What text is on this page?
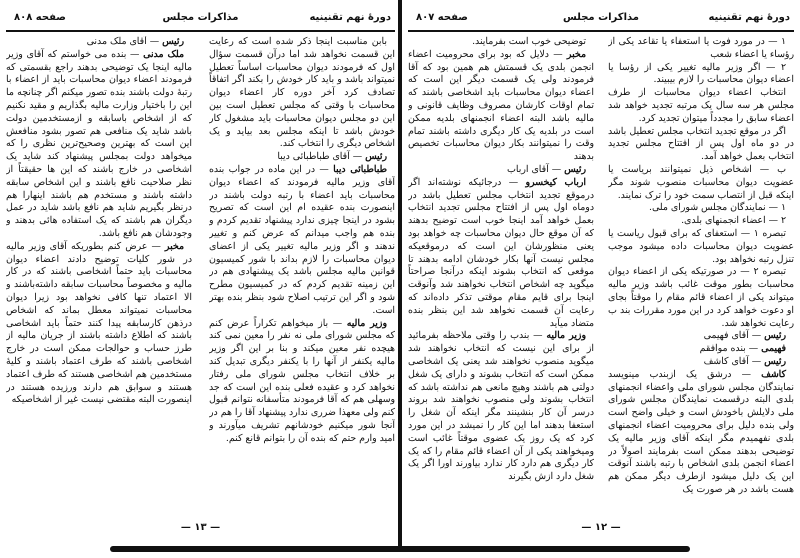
دورهٔ نهم تقنینیه
مذاکرات مجلس
صفحه ۸۰۸

بابن مناسبت اینجا ذکر شده است که رعایت این قسمت نخواهد شد اما درآن قسمت سؤال اول که فرمودند دیوان محاسبات اساساً تعطیل نمیتواند باشد و باید کار خودش را بکند اگر اتفاقاً تصادف کرد آخر دوره کار اعضاء دیوان محاسبات با وقتی که مجلس تعطیل است بین این دو مجلس دیوان محاسبات باید مشغول کار خودش باشد تا اینکه مجلس بعد بیاید و یک اشخاص دیگری را انتخاب کند.

رئیس — آقای طباطبائی دیبا

طباطبائی دیبا — در این ماده در جواب بنده آقای وزیر مالیه فرمودند که اعضاء دیوان محاسبات باید اعضاء با رتبه دولت باشند در اینصورت بنده عقیده ام این است که تصریح بشود در اینجا چیزی ندارد پیشنهاد تقدیم کردم و بنده هم واجب میدانم که عرض کنم و تغییر ندهند و اگر وزیر مالیه تغییر یکی از اعضای دیوان محاسبات را لازم بداند با شور کمیسیون قوانین مالیه مجلس باشد یک پیشنهادی هم در این زمینه تقدیم کردم که در کمیسیون مطرح شود و اگر این ترتیب اصلاح شود بنظر بنده بهتر است.

وزیر مالیه — باز میخواهم تکراراً عرض کنم که مجلس شورای ملی نه نفر را معین نمی کند هیچده نفر معین میکند و بنا بر این اگر وزیر مالیه یکنفر از آنها را با یکنفر دیگری تبدیل کند بر خلاف انتخاب مجلس شورای ملی رفتار نخواهد کرد و عقیده فعلی بنده این است که جد وسهلی هم که آقا فرمودند متأسفانه نتوانم قبول کنم ولی معهذا ضرری ندارد پیشنهاد آقا را هم در آنجا شور میکنیم خودشانهم تشریف میآورند و امید وارم حتم که بنده آن را بتوانم قانع کنم.

رئیس — آقای ملک مدنی

ملک مدنی — بنده می خواستم که آقای وزیر مالیه اینجا یک توضیحی بدهند راجع بقسمتی که فرمودند اعضاء دیوان محاسبات باید از اعضاء با رتبهٔ دولت باشند بنده تصور میکنم اگر چنانچه ما این را باختیار وزارت مالیه بگذاریم و مقید نکنیم که از اشخاص باسابقه و ازمستخدمین دولت باشد شاید یک منافعی هم تصور بشود منافعش این است که بهترین وصحیح‌ترین نظری را که میخواهد دولت بمجلس پیشنهاد کند شاید یک اشخاصی در خارج باشند که این ها حقیقتاً از نظر صلاحیت نافع باشند و این اشخاص سابقه داشته باشند و مستخدم هم باشند اینهارا هم درنظر بگیریم شاید هم نافع باشد شاید در عمل دیگران هم باشند که یک استفاده هائی بدهند و وجودشان هم نافع باشد.

مخبر — عرض کنم بطوریکه آقای وزیر مالیه در شور کلیات توضیح دادند اعضاء دیوان محاسبات باید حتماً اشخاصی باشند که در کار مالیه و مخصوصاً محاسبات سابقه داشته‌باشند و الا اعتماد تنها کافی نخواهد بود زیرا دیوان محاسبات نمیتواند معطل بماند که اشخاص درذهن کارسابقه پیدا کنند حتماً باید اشخاصی باشند که اطلاع داشته باشند از جریان مالیه از طرز حساب و حوالجات ممکن است در خارج اشخاصی باشند که طرف اعتماد باشند و کلیهٔ مستخدمین هم اشخاصی هستند که طرف اعتماد هستند و سوابق هم دارند ورزیده هستند در اینصورت البته مقتضی نیست غیر از اشخاصیکه

— ۱۳ —
دورهٔ نهم تقنینیه
مذاکرات مجلس
صفحه ۸۰۷

۱ — در مورد فوت یا استعفاء یا تقاعد یکی از رؤساء یا اعضاء شعب

۲ — اگر وزیر مالیه تغییر یکی از رؤسا یا اعضاء دیوان محاسبات را لازم بیبیند.

انتخاب اعضاء دیوان محاسبات از طرف مجلس هر سه سال یک مرتبه تجدید خواهد شد اعضاء سابق را مجدداً میتوان تجدید کرد.

اگر در موقع تجدید انتخاب مجلس تعطیل باشد در دو ماه اول پس از افتتاح مجلس تجدید انتخاب بعمل خواهد آمد.

ب — اشخاص ذیل نمیتوانند بریاست یا عضویت دیوان محاسبات منصوب شوند مگر اینکه قبل از انتصاب سمت خود را ترک نمایند.

۱ — نمایندگان مجلس شورای ملی.

۲ — اعضاء انجمنهای بلدی.

تبصره ۱ — استعفای که برای قبول ریاست یا عضویت دیوان محاسبات داده میشود موجب تنزل رتبه نخواهد بود.

تبصره ۲ — در صورتیکه یکی از اعضاء دیوان محاسبات بطور موقت غائب باشد وزیر مالیه میتواند یکی از اعضاء قائم مقام را موقتاً بجای او دعوت خواهد کرد در این مورد مقررات بند ب رعایت نخواهد شد.

رئیس — آقای فهیمی

فهیمی — بنده موافقم

رئیس — آقای کاشف

کاشف — درشق یک ازبندب مینویسد نمایندگان مجلس شورای ملی واعضاء انجمنهای بلدی البته درقسمت نمایندگان مجلس شورای ملی دلایلش باخودش است و خیلی واضح است ولی بنده دلیل برای محرومیت اعضاء انجمنهای بلدی نفهمیدم مگر اینکه آقای وزیر مالیه یک توضیحی بدهند ممکن است بفرمایند اصولاً در اعضاء انجمن بلدی اشخاص با رتبه باشند آنوقت این یک دلیل میشود ازطرف دیگر ممکن هم هست باشد در هر صورت یک

توضیحی خوب است بفرمایند.

مخبر — دلایل که بود برای محرومیت اعضاء انجمن بلدی یک قسمتش هم همین بود که آقا فرمودند ولی یک قسمت دیگر این است که اعضاء دیوان محاسبات باید اشخاصی باشند که تمام اوقات کارشان مصروف وظایف قانونی و مالیه باشد البته اعضاء انجمنهای بلدیه ممکن است در بلدیه یک کار دیگری داشته باشند تمام وقت را نمیتوانند بکار دیوان محاسبات تخصیص بدهند

رئیس — آقای ارباب

ارباب کیخسرو — درجائیکه نوشته‌اند اگر درموقع تجدید انتخاب مجلس تعطیل باشد در دوماه اول پس از افتتاح مجلس تجدید انتخاب بعمل خواهد آمد اینجا خوب است توضیح بدهند که آن موقع حال دیوان محاسبات چه خواهد بود یعنی منظورشان این است که درموقعیکه مجلس نیست آنها بکار خودشان ادامه بدهند تا موقعی که انتخاب بشوند اینکه درآنجا صراحتاً میگوید چه اشخاص انتخاب نخواهند شد وآنوقت اینجا برای قایم مقام موقتی تذکر داده‌اند که رعایت آن قسمت نخواهد شد این بنظر بنده متضاد میآید

وزیر مالیه — بندب را وقتی ملاحظه بفرمائید از برای این نیست که انتخاب نخواهند شد میگوید منصوب نخواهند شد یعنی یک اشخاصی ممکن است که انتخاب بشوند و دارای یک شغل دولتی هم باشند وهیچ مانعی هم نداشته باشد که انتخاب بشوند ولی منصوب نخواهند شد بروند درسر آن کار بنشینند مگر اینکه آن شغل را استعفا بدهند اما این کار را نمیشد در این مورد کرد که یک روز یک عضوی موقتاً غائب است ومیخواهند یکی از آن اعضاء قائم مقام را که یک کار دیگری هم دارد کار ندارد بیاورند اورا اگر یک شغل دارد ازش بگیرند

— ۱۲ —
